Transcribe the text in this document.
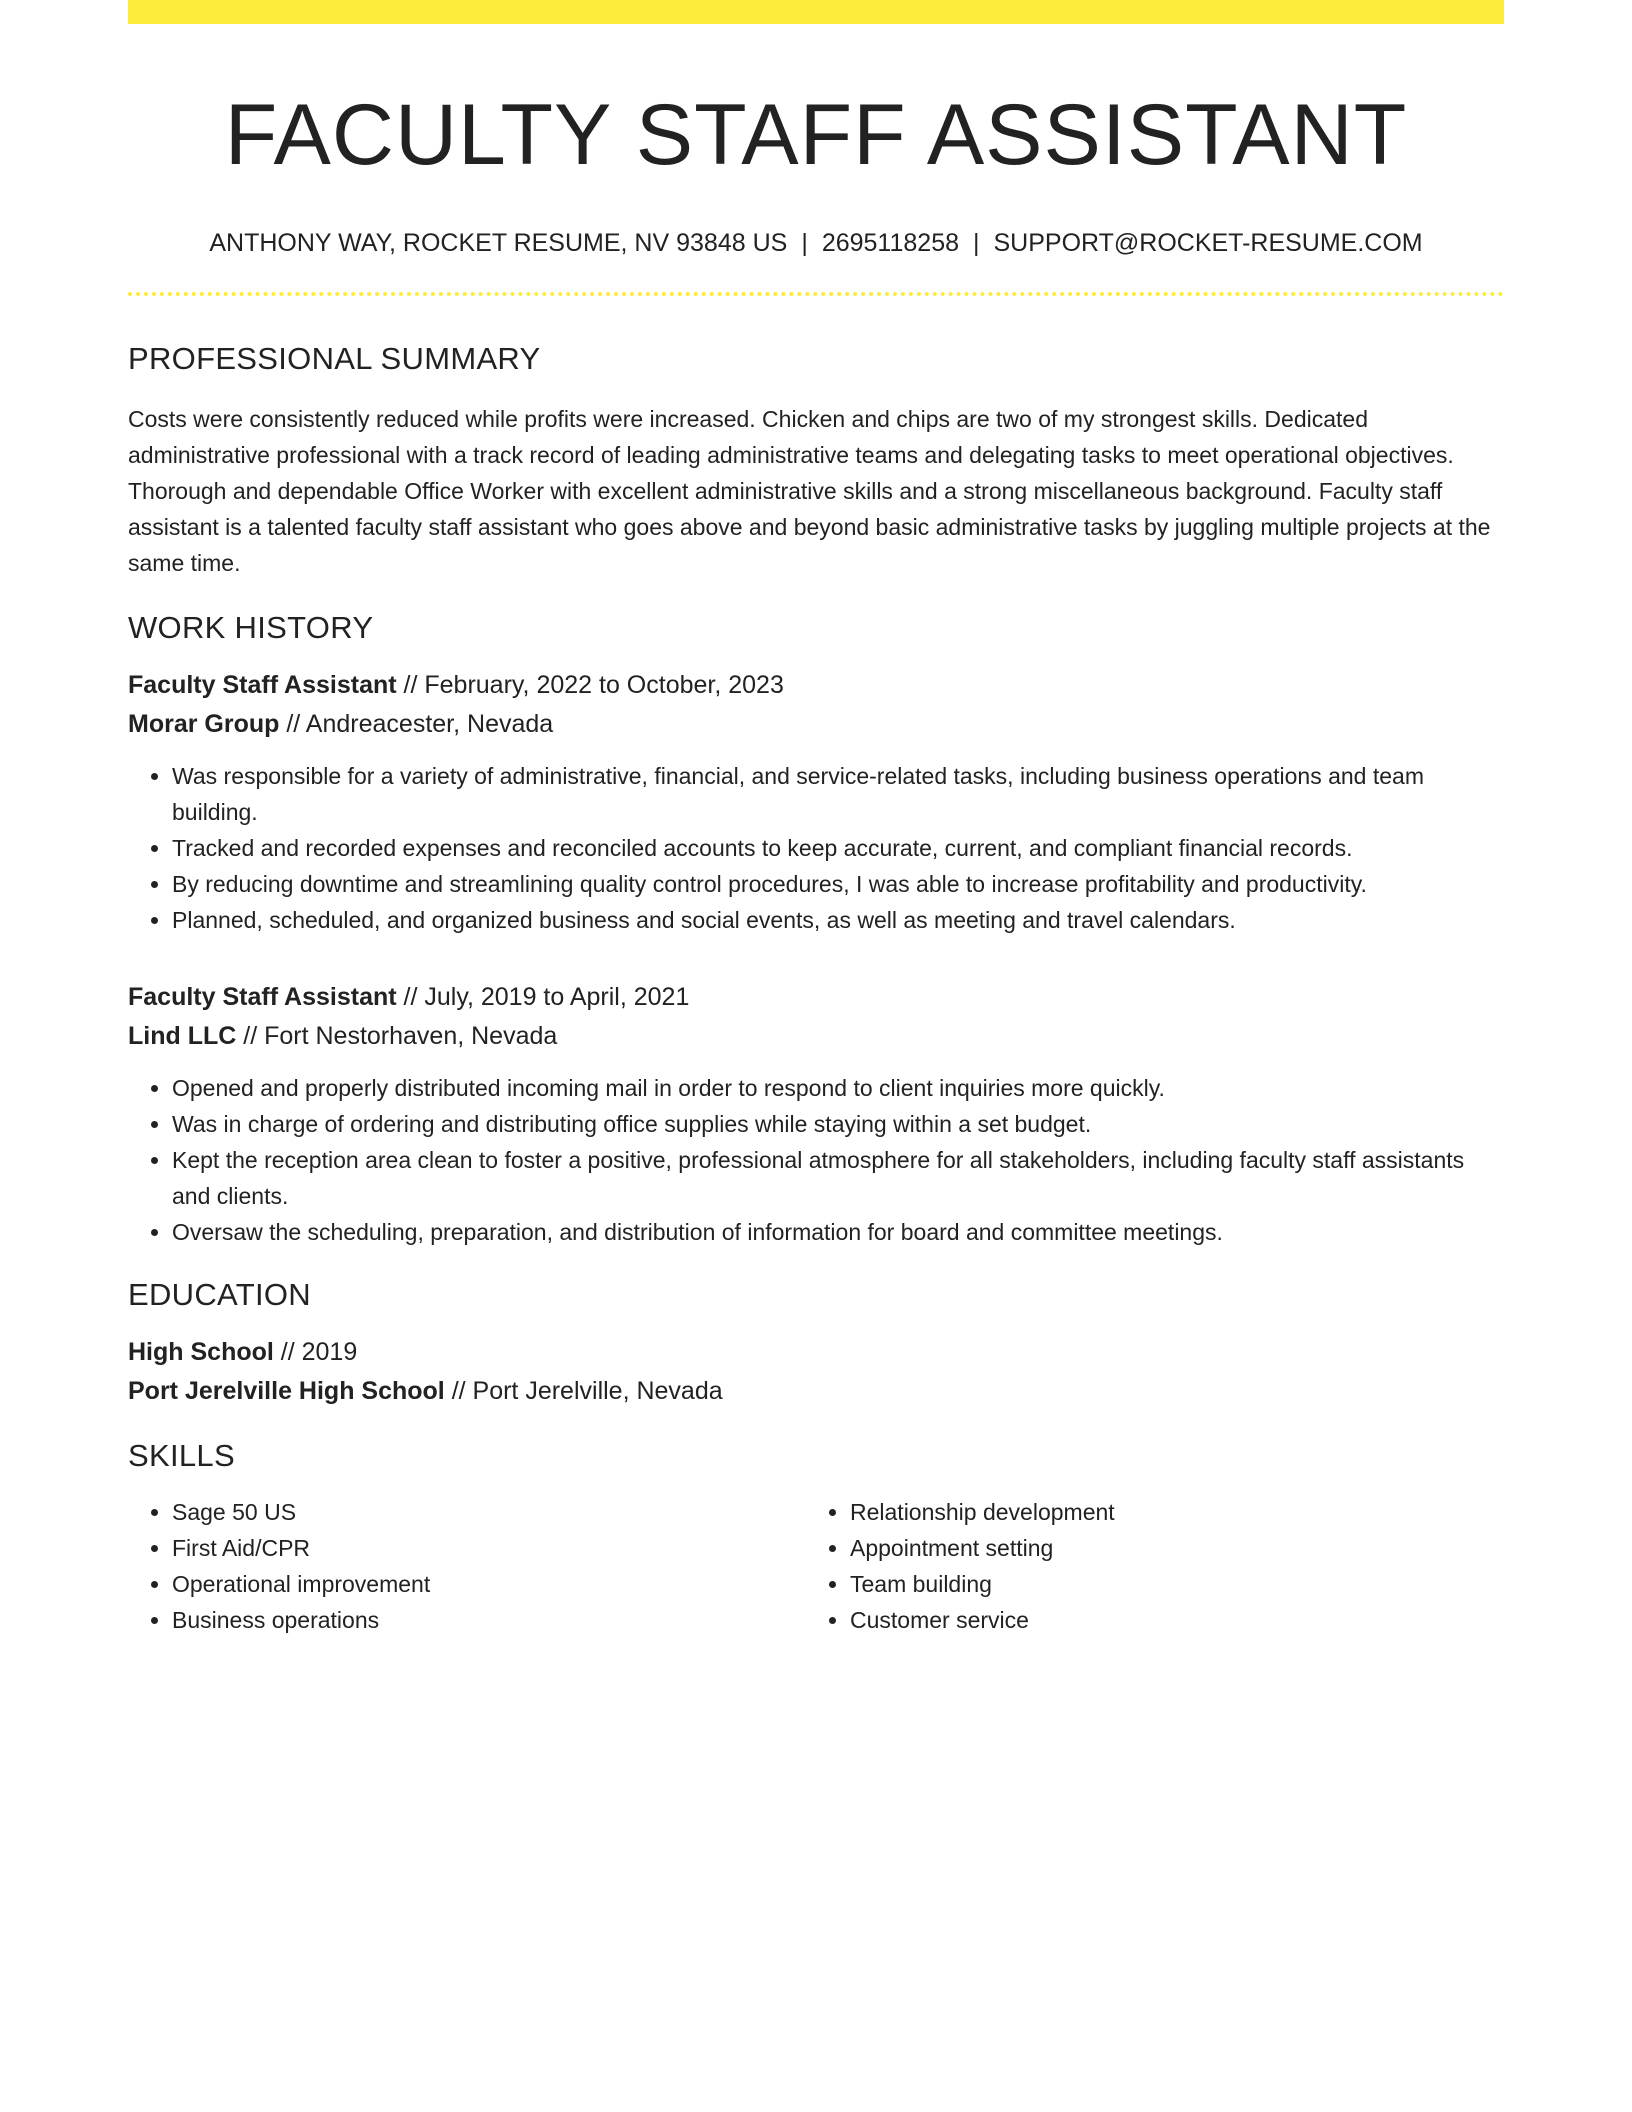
FACULTY STAFF ASSISTANT
ANTHONY WAY, ROCKET RESUME, NV 93848 US | 2695118258 | SUPPORT@ROCKET-RESUME.COM
PROFESSIONAL SUMMARY
Costs were consistently reduced while profits were increased. Chicken and chips are two of my strongest skills. Dedicated administrative professional with a track record of leading administrative teams and delegating tasks to meet operational objectives. Thorough and dependable Office Worker with excellent administrative skills and a strong miscellaneous background. Faculty staff assistant is a talented faculty staff assistant who goes above and beyond basic administrative tasks by juggling multiple projects at the same time.
WORK HISTORY
Faculty Staff Assistant // February, 2022 to October, 2023
Morar Group // Andreacester, Nevada
• Was responsible for a variety of administrative, financial, and service-related tasks, including business operations and team building.
• Tracked and recorded expenses and reconciled accounts to keep accurate, current, and compliant financial records.
• By reducing downtime and streamlining quality control procedures, I was able to increase profitability and productivity.
• Planned, scheduled, and organized business and social events, as well as meeting and travel calendars.
Faculty Staff Assistant // July, 2019 to April, 2021
Lind LLC // Fort Nestorhaven, Nevada
• Opened and properly distributed incoming mail in order to respond to client inquiries more quickly.
• Was in charge of ordering and distributing office supplies while staying within a set budget.
• Kept the reception area clean to foster a positive, professional atmosphere for all stakeholders, including faculty staff assistants and clients.
• Oversaw the scheduling, preparation, and distribution of information for board and committee meetings.
EDUCATION
High School // 2019
Port Jerelville High School // Port Jerelville, Nevada
SKILLS
• Sage 50 US
• First Aid/CPR
• Operational improvement
• Business operations
• Relationship development
• Appointment setting
• Team building
• Customer service
